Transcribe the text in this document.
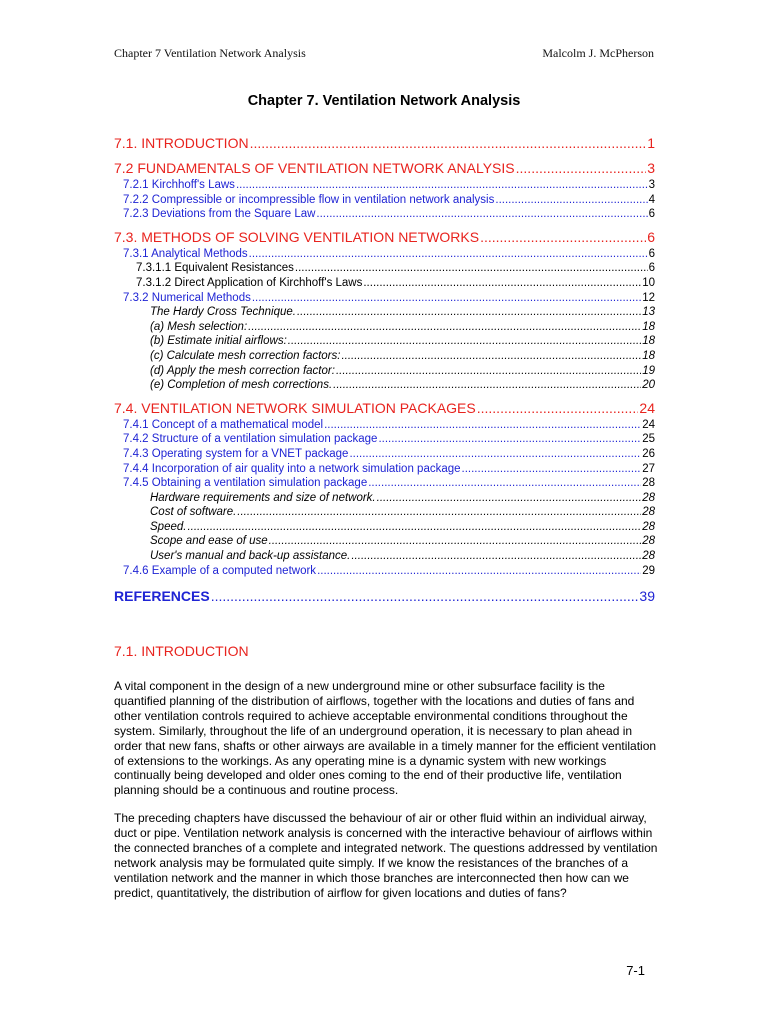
Chapter 7 Ventilation Network Analysis	Malcolm J. McPherson
Chapter 7. Ventilation Network Analysis
7.1. INTRODUCTION .....	1
7.2 FUNDAMENTALS OF VENTILATION NETWORK ANALYSIS .....	3
7.2.1 Kirchhoff's Laws .....	3
7.2.2 Compressible or incompressible flow in ventilation network analysis .....	4
7.2.3 Deviations from the Square Law .....	6
7.3. METHODS OF SOLVING VENTILATION NETWORKS .....	6
7.3.1 Analytical Methods .....	6
7.3.1.1 Equivalent Resistances .....	6
7.3.1.2 Direct Application of Kirchhoff's Laws .....	10
7.3.2 Numerical Methods .....	12
The Hardy Cross Technique. .....	13
(a) Mesh selection: .....	18
(b) Estimate initial airflows: .....	18
(c) Calculate mesh correction factors: .....	18
(d) Apply the mesh correction factor: .....	19
(e) Completion of mesh corrections. .....	20
7.4. VENTILATION NETWORK SIMULATION PACKAGES .....	24
7.4.1 Concept of a mathematical model .....	24
7.4.2 Structure of a ventilation simulation package .....	25
7.4.3 Operating system for a VNET package .....	26
7.4.4 Incorporation of air quality into a network simulation package .....	27
7.4.5 Obtaining a ventilation simulation package .....	28
Hardware requirements and size of network. .....	28
Cost of software. .....	28
Speed. .....	28
Scope and ease of use .....	28
User's manual and back-up assistance. .....	28
7.4.6 Example of a computed network .....	29
REFERENCES .....	39
7.1. INTRODUCTION
A vital component in the design of a new underground mine or other subsurface facility is the quantified planning of the distribution of airflows, together with the locations and duties of fans and other ventilation controls required to achieve acceptable environmental conditions throughout the system. Similarly, throughout the life of an underground operation, it is necessary to plan ahead in order that new fans, shafts or other airways are available in a timely manner for the efficient ventilation of extensions to the workings. As any operating mine is a dynamic system with new workings continually being developed and older ones coming to the end of their productive life, ventilation planning should be a continuous and routine process.
The preceding chapters have discussed the behaviour of air or other fluid within an individual airway, duct or pipe. Ventilation network analysis is concerned with the interactive behaviour of airflows within the connected branches of a complete and integrated network. The questions addressed by ventilation network analysis may be formulated quite simply. If we know the resistances of the branches of a ventilation network and the manner in which those branches are interconnected then how can we predict, quantitatively, the distribution of airflow for given locations and duties of fans?
7-1
